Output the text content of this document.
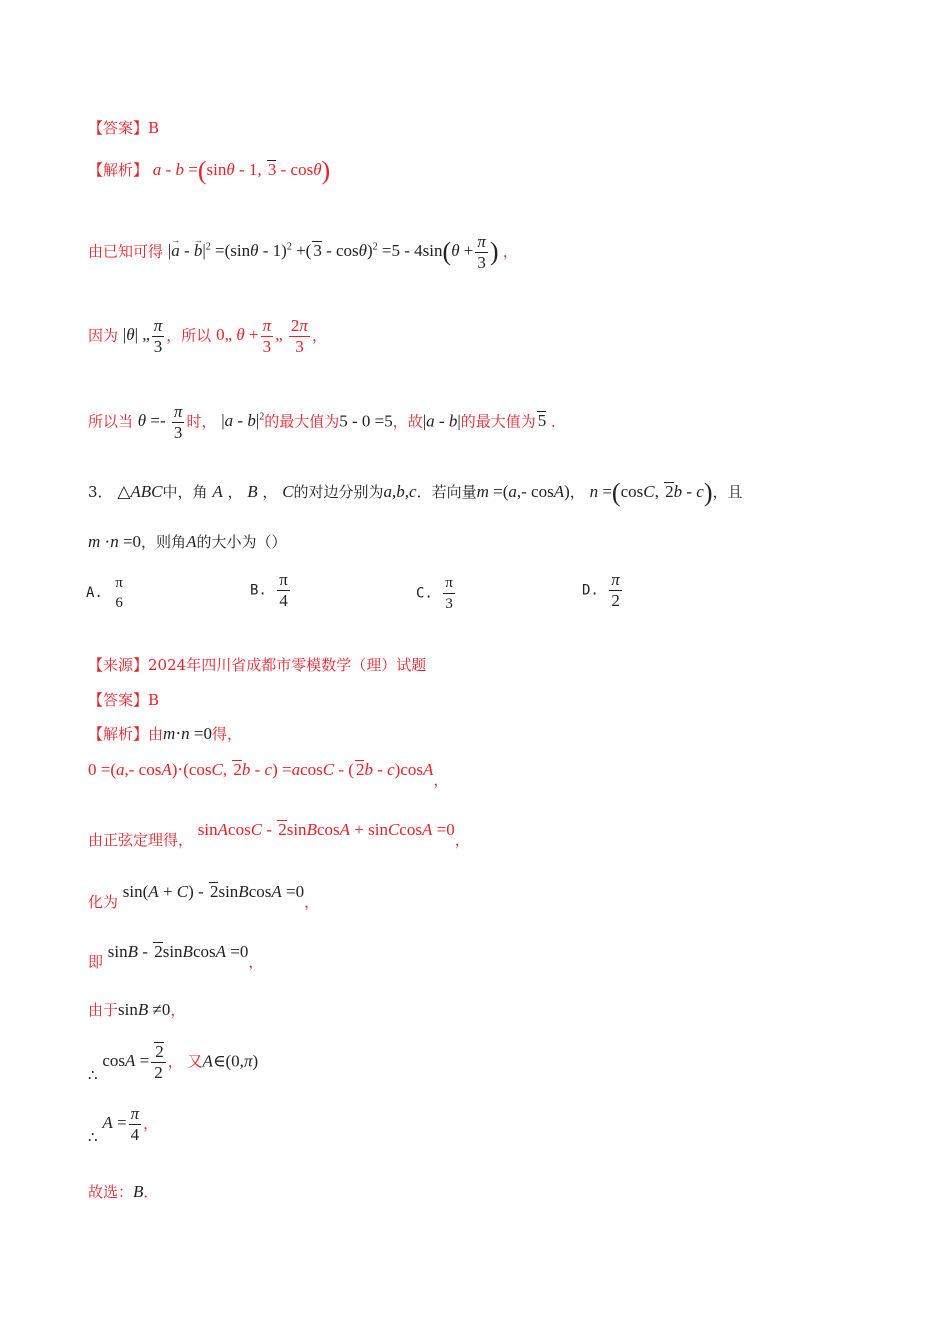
【答案】B
【解析】 a - b =(sinθ - 1, 3 - cosθ)
由已知可得 |→ a - → $b|^2 =(\sin\theta - 1)^2$ +( $3 - \cos\theta)^2 =5 - 4\sin(\theta + \frac{\pi}{3}$ ) ，
因为 |θ| „ $\frac{\pi}{3}$ ，所以 0„ $\theta + \frac{\pi}{3}$ „ $\frac{2\pi}{3}$ ，
所以当 $\theta =- \frac{\pi}{3}$ 时， $|a - b|^2$的最大值为5 - 0 =5，故|a - b|的最大值为 5 ．
3． △ABC中，角 A ， B ， C的对边分别为a,b,c．若向量m =(a,- cosA)， n =(cosC, 2b - c)，且
m ·n =0，则角A的大小为（）
A.
π
6
B. $\frac{\pi}{4}$	C. $\frac{\pi}{3}$	D. $\frac{\pi}{2}$
【来源】2024年四川省成都市零模数学（理）试题
【答案】B
【解析】由m⋅n =0得，
0 =(a,- cosA)⋅(cosC, 2b - c) =acosC - ( 2b - c)cosA，
由正弦定理得， sinAcosC - 2sinBcosA + sinCcosA =0，
化为 sin(A + C) - 2sinBcosA =0，
即 sinB - 2sinBcosA =0，
由于sinB ≠0，
∴ $\cos A = \frac{2}{2}$ ， 又A∈(0,π)
∴ $A = \frac{\pi}{4}$ ，
故选：B．
